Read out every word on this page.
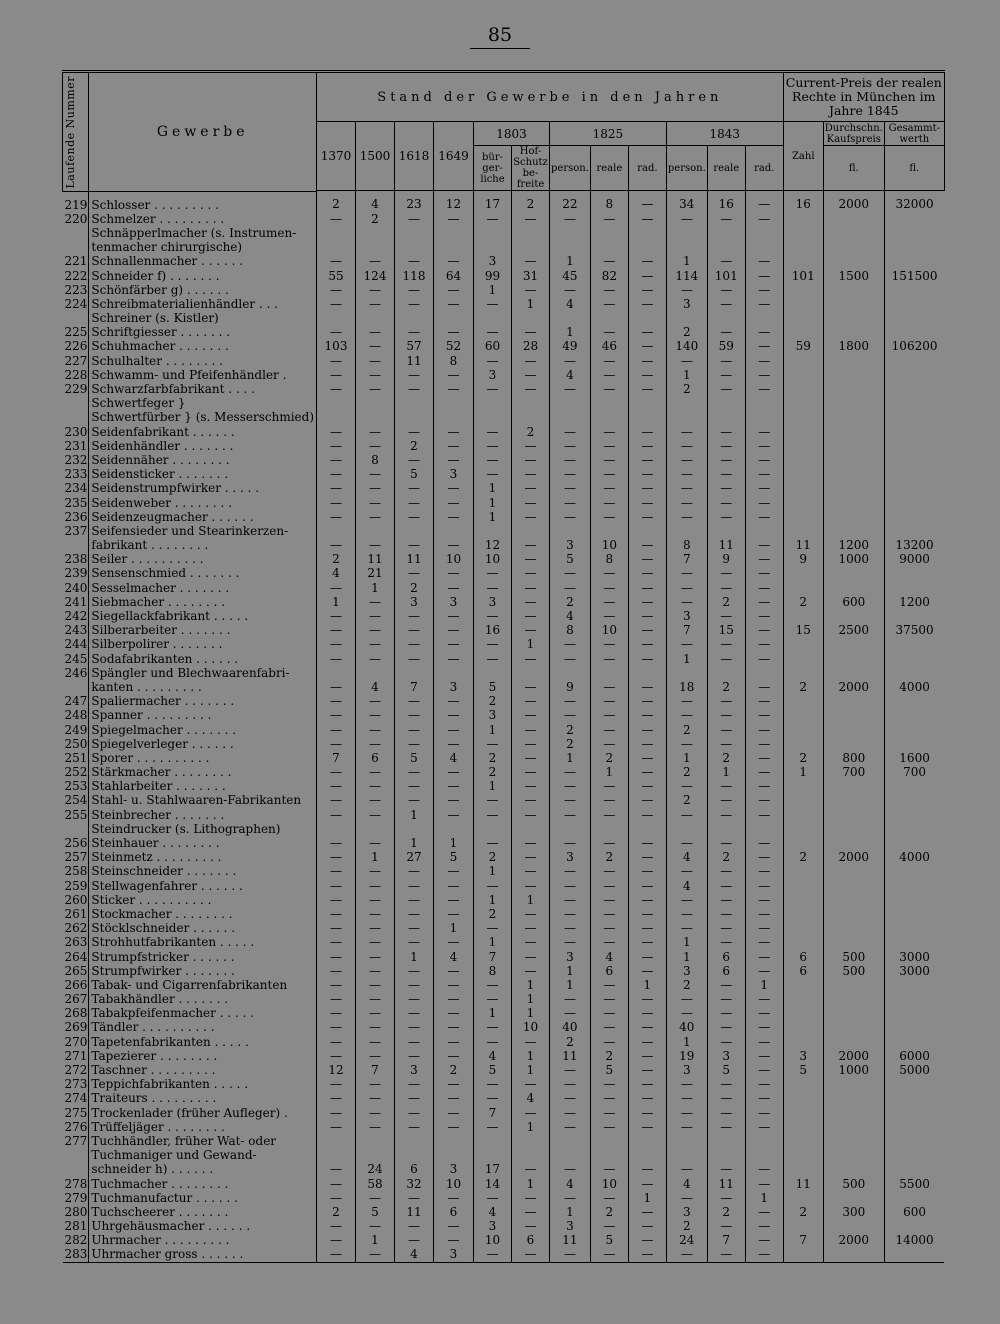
85
Laufende Nummer	Gewerbe	Stand der Gewerbe in den Jahren												Current-Preis der realen Rechte in München im Jahre 1845		
		1370	1500	1618	1649	1803		1825			1843			Zahl	Durchschn. Kaufspreis	Gesammt-werth
						bür-ger-liche	Hof-Schutz be-freite	person.	reale	rad.	person.	reale	rad.		fl.	fl.

219	Schlosser . . . . . . . . .	2	4	23	12	17	2	22	8	—	34	16	—	16	2000	32000
220	Schmelzer . . . . . . . . .	—	2	—	—	—	—	—	—	—	—	—	—			
	Schnäpperlmacher (s. Instrumen-															
	tenmacher chirurgische)															
221	Schnallenmacher . . . . . .	—	—	—	—	3	—	1	—	—	1	—	—			
222	Schneider f) . . . . . . .	55	124	118	64	99	31	45	82	—	114	101	—	101	1500	151500
223	Schönfärber g) . . . . . .	—	—	—	—	1	—	—	—	—	—	—	—			
224	Schreibmaterialienhändler . . .	—	—	—	—	—	1	4	—	—	3	—	—			
	Schreiner (s. Kistler)															
225	Schriftgiesser . . . . . . .	—	—	—	—	—	—	1	—	—	2	—	—			
226	Schuhmacher . . . . . . .	103	—	57	52	60	28	49	46	—	140	59	—	59	1800	106200
227	Schulhalter . . . . . . . .	—	—	11	8	—	—	—	—	—	—	—	—			
228	Schwamm- und Pfeifenhändler .	—	—	—	—	3	—	4	—	—	1	—	—			
229	Schwarzfarbfabrikant . . . .	—	—	—	—	—	—	—	—	—	2	—	—			
	Schwertfeger }															
	Schwertfürber } (s. Messerschmied)															
230	Seidenfabrikant . . . . . .	—	—	—	—	—	2	—	—	—	—	—	—			
231	Seidenhändler . . . . . . .	—	—	2	—	—	—	—	—	—	—	—	—			
232	Seidennäher . . . . . . . .	—	8	—	—	—	—	—	—	—	—	—	—			
233	Seidensticker . . . . . . .	—	—	5	3	—	—	—	—	—	—	—	—			
234	Seidenstrumpfwirker . . . . .	—	—	—	—	1	—	—	—	—	—	—	—			
235	Seidenweber . . . . . . . .	—	—	—	—	1	—	—	—	—	—	—	—			
236	Seidenzeugmacher . . . . . .	—	—	—	—	1	—	—	—	—	—	—	—			
237	Seifensieder und Stearinkerzen-															
	fabrikant . . . . . . . .	—	—	—	—	12	—	3	10	—	8	11	—	11	1200	13200
238	Seiler . . . . . . . . . .	2	11	11	10	10	—	5	8	—	7	9	—	9	1000	9000
239	Sensenschmied . . . . . . .	4	21	—	—	—	—	—	—	—	—	—	—			
240	Sesselmacher . . . . . . .	—	1	2	—	—	—	—	—	—	—	—	—			
241	Siebmacher . . . . . . . .	1	—	3	3	3	—	2	—	—	—	2	—	2	600	1200
242	Siegellackfabrikant . . . . .	—	—	—	—	—	—	4	—	—	3	—	—			
243	Silberarbeiter . . . . . . .	—	—	—	—	16	—	8	10	—	7	15	—	15	2500	37500
244	Silberpolirer . . . . . . .	—	—	—	—	—	1	—	—	—	—	—	—			
245	Sodafabrikanten . . . . . .	—	—	—	—	—	—	—	—	—	1	—	—			
246	Spängler und Blechwaarenfabri-															
	kanten . . . . . . . . .	—	4	7	3	5	—	9	—	—	18	2	—	2	2000	4000
247	Spaliermacher . . . . . . .	—	—	—	—	2	—	—	—	—	—	—	—			
248	Spanner . . . . . . . . .	—	—	—	—	3	—	—	—	—	—	—	—			
249	Spiegelmacher . . . . . . .	—	—	—	—	1	—	2	—	—	2	—	—			
250	Spiegelverleger . . . . . .	—	—	—	—	—	—	2	—	—	—	—	—			
251	Sporer . . . . . . . . . .	7	6	5	4	2	—	1	2	—	1	2	—	2	800	1600
252	Stärkmacher . . . . . . . .	—	—	—	—	2	—	—	1	—	2	1	—	1	700	700
253	Stahlarbeiter . . . . . . .	—	—	—	—	1	—	—	—	—	—	—	—			
254	Stahl- u. Stahlwaaren-Fabrikanten	—	—	—	—	—	—	—	—	—	2	—	—			
255	Steinbrecher . . . . . . .	—	—	1	—	—	—	—	—	—	—	—	—			
	Steindrucker (s. Lithographen)															
256	Steinhauer . . . . . . . .	—	—	1	1	—	—	—	—	—	—	—	—			
257	Steinmetz . . . . . . . . .	—	1	27	5	2	—	3	2	—	4	2	—	2	2000	4000
258	Steinschneider . . . . . . .	—	—	—	—	1	—	—	—	—	—	—	—			
259	Stellwagenfahrer . . . . . .	—	—	—	—	—	—	—	—	—	4	—	—			
260	Sticker . . . . . . . . . .	—	—	—	—	1	1	—	—	—	—	—	—			
261	Stockmacher . . . . . . . .	—	—	—	—	2	—	—	—	—	—	—	—			
262	Stöcklschneider . . . . . .	—	—	—	1	—	—	—	—	—	—	—	—			
263	Strohhutfabrikanten . . . . .	—	—	—	—	1	—	—	—	—	1	—	—			
264	Strumpfstricker . . . . . .	—	—	1	4	7	—	3	4	—	1	6	—	6	500	3000
265	Strumpfwirker . . . . . . .	—	—	—	—	8	—	1	6	—	3	6	—	6	500	3000
266	Tabak- und Cigarrenfabrikanten	—	—	—	—	—	1	1	—	1	2	—	1			
267	Tabakhändler . . . . . . .	—	—	—	—	—	1	—	—	—	—	—	—			
268	Tabakpfeifenmacher . . . . .	—	—	—	—	1	1	—	—	—	—	—	—			
269	Tändler . . . . . . . . . .	—	—	—	—	—	10	40	—	—	40	—	—			
270	Tapetenfabrikanten . . . . .	—	—	—	—	—	—	2	—	—	1	—	—			
271	Tapezierer . . . . . . . .	—	—	—	—	4	1	11	2	—	19	3	—	3	2000	6000
272	Taschner . . . . . . . . .	12	7	3	2	5	1	—	5	—	3	5	—	5	1000	5000
273	Teppichfabrikanten . . . . .	—	—	—	—	—	—	—	—	—	—	—	—			
274	Traiteurs . . . . . . . . .	—	—	—	—	—	4	—	—	—	—	—	—			
275	Trockenlader (früher Aufleger) .	—	—	—	—	7	—	—	—	—	—	—	—			
276	Trüffeljäger . . . . . . . .	—	—	—	—	—	1	—	—	—	—	—	—			
277	Tuchhändler, früher Wat- oder															
	Tuchmaniger und Gewand-															
	schneider h) . . . . . .	—	24	6	3	17	—	—	—	—	—	—	—			
278	Tuchmacher . . . . . . . .	—	58	32	10	14	1	4	10	—	4	11	—	11	500	5500
279	Tuchmanufactur . . . . . .	—	—	—	—	—	—	—	—	1	—	—	1			
280	Tuchscheerer . . . . . . .	2	5	11	6	4	—	1	2	—	3	2	—	2	300	600
281	Uhrgehäusmacher . . . . . .	—	—	—	—	3	—	3	—	—	2	—	—			
282	Uhrmacher . . . . . . . . .	—	1	—	—	10	6	11	5	—	24	7	—	7	2000	14000
283	Uhrmacher gross . . . . . .	—	—	4	3	—	—	—	—	—	—	—	—			
